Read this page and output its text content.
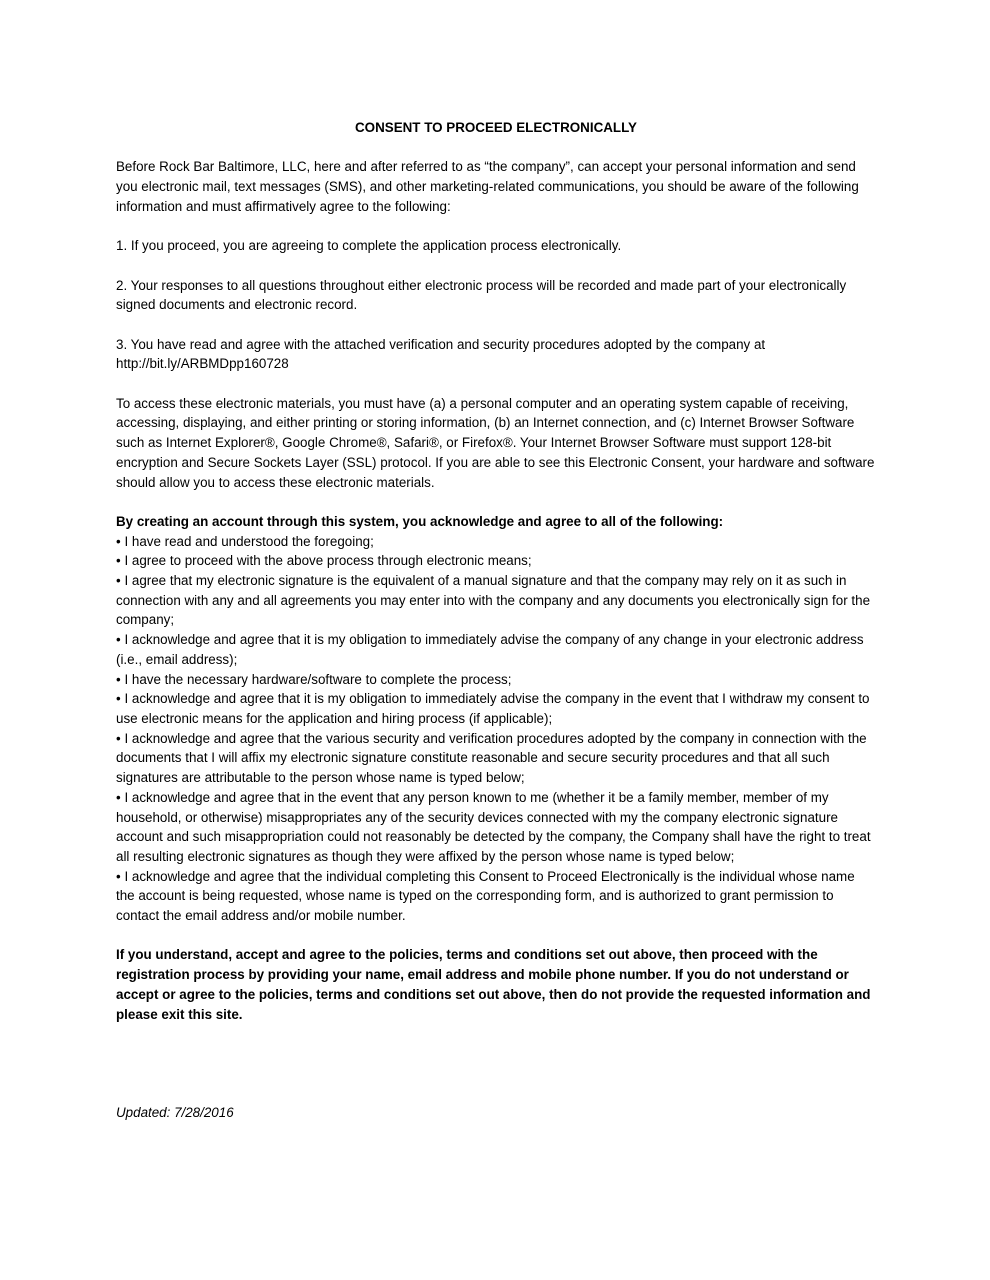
CONSENT TO PROCEED ELECTRONICALLY

Before Rock Bar Baltimore, LLC, here and after referred to as “the company”, can accept your personal information and send you electronic mail, text messages (SMS), and other marketing-related communications, you should be aware of the following information and must affirmatively agree to the following:

1. If you proceed, you are agreeing to complete the application process electronically.

2. Your responses to all questions throughout either electronic process will be recorded and made part of your electronically signed documents and electronic record.

3. You have read and agree with the attached verification and security procedures adopted by the company at http://bit.ly/ARBMDpp160728

To access these electronic materials, you must have (a) a personal computer and an operating system capable of receiving, accessing, displaying, and either printing or storing information, (b) an Internet connection, and (c) Internet Browser Software such as Internet Explorer®, Google Chrome®, Safari®, or Firefox®. Your Internet Browser Software must support 128-bit encryption and Secure Sockets Layer (SSL) protocol. If you are able to see this Electronic Consent, your hardware and software should allow you to access these electronic materials.

By creating an account through this system, you acknowledge and agree to all of the following:
• I have read and understood the foregoing;
• I agree to proceed with the above process through electronic means;
• I agree that my electronic signature is the equivalent of a manual signature and that the company may rely on it as such in connection with any and all agreements you may enter into with the company and any documents you electronically sign for the company;
• I acknowledge and agree that it is my obligation to immediately advise the company of any change in your electronic address (i.e., email address);
• I have the necessary hardware/software to complete the process;
• I acknowledge and agree that it is my obligation to immediately advise the company in the event that I withdraw my consent to use electronic means for the application and hiring process (if applicable);
• I acknowledge and agree that the various security and verification procedures adopted by the company in connection with the documents that I will affix my electronic signature constitute reasonable and secure security procedures and that all such signatures are attributable to the person whose name is typed below;
• I acknowledge and agree that in the event that any person known to me (whether it be a family member, member of my household, or otherwise) misappropriates any of the security devices connected with my the company electronic signature account and such misappropriation could not reasonably be detected by the company, the Company shall have the right to treat all resulting electronic signatures as though they were affixed by the person whose name is typed below;
• I acknowledge and agree that the individual completing this Consent to Proceed Electronically is the individual whose name the account is being requested, whose name is typed on the corresponding form, and is authorized to grant permission to contact the email address and/or mobile number.

If you understand, accept and agree to the policies, terms and conditions set out above, then proceed with the registration process by providing your name, email address and mobile phone number. If you do not understand or accept or agree to the policies, terms and conditions set out above, then do not provide the requested information and please exit this site.

Updated: 7/28/2016
